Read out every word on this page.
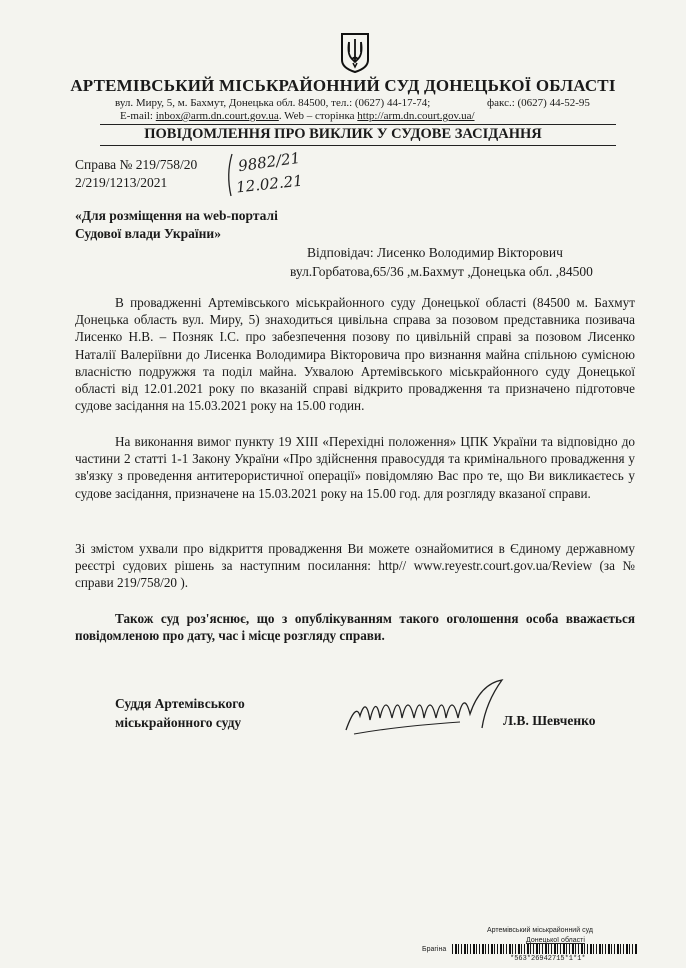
АРТЕМІВСЬКИЙ МІСЬКРАЙОННИЙ СУД ДОНЕЦЬКОЇ ОБЛАСТІ
вул. Миру, 5, м. Бахмут, Донецька обл. 84500, тел.: (0627) 44-17-74;	факс.: (0627) 44-52-95
E-mail: inbox@arm.dn.court.gov.ua. Web – сторінка http://arm.dn.court.gov.ua/
ПОВІДОМЛЕННЯ ПРО ВИКЛИК У СУДОВЕ ЗАСІДАННЯ
Справа № 219/758/20
2/219/1213/2021
9882/21
12.02.21
«Для розміщення на web-порталі
Судової влади України»
Відповідач: Лисенко Володимир Вікторович
вул.Горбатова,65/36 ,м.Бахмут ,Донецька обл. ,84500
В провадженні Артемівського міськрайонного суду Донецької області (84500 м. Бахмут Донецька область вул. Миру, 5) знаходиться цивільна справа за позовом представника позивача Лисенко Н.В. – Позняк І.С. про забезпечення позову по цивільній справі за позовом Лисенко Наталії Валеріївни до Лисенка Володимира Вікторовича про визнання майна спільною сумісною власністю подружжя та поділ майна. Ухвалою Артемівського міськрайонного суду Донецької області від 12.01.2021 року по вказаній справі відкрито провадження та призначено підготовче судове засідання на 15.03.2021 року на 15.00 годин.
На виконання вимог пункту 19 XIII «Перехідні положення» ЦПК України та відповідно до частини 2 статті 1-1 Закону України «Про здійснення правосуддя та кримінального провадження у зв'язку з проведення антитерористичної операції» повідомляю Вас про те, що Ви викликаєтесь у судове засідання, призначене на 15.03.2021 року на 15.00 год. для розгляду вказаної справи.
Зі змістом ухвали про відкриття провадження Ви можете ознайомитися в Єдиному державному реєстрі судових рішень за наступним посилання: http// www.reyestr.court.gov.ua/Review (за № справи 219/758/20 ).
Також суд роз'яснює, що з опублікуванням такого оголошення особа вважається повідомленою про дату, час і місце розгляду справи.
Суддя Артемівського
міськрайонного суду	Л.В. Шевченко
Артемівський міськрайонний суд
Донецької області
Брагіна
*563*26942715*1*1*
